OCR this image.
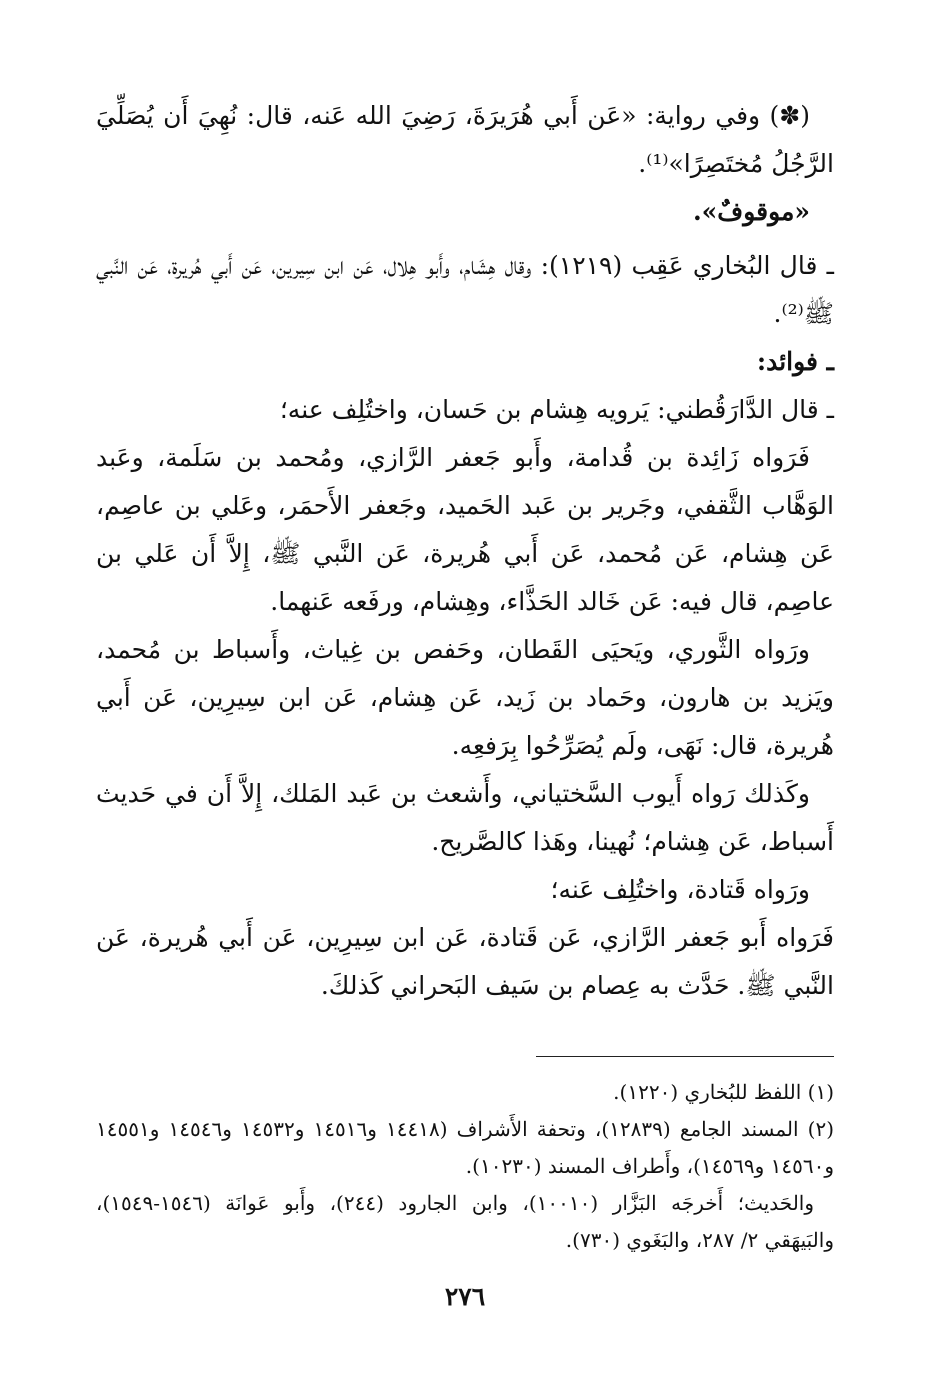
(✽) وفي رواية: «عَن أَبي هُرَيرَةَ، رَضِيَ الله عَنه، قال: نُهِيَ أَن يُصَلِّيَ الرَّجُلُ مُختَصِرًا»⁽¹⁾.

«موقوفٌ».

ـ قال البُخاري عَقِب (١٢١٩): وقال هِشَام، وأَبو هِلال، عَن ابن سِيرين، عَن أَبي هُريرة، عَن النَّبي ﷺ⁽²⁾.

ـ فوائد:

ـ قال الدَّارَقُطني: يَرويه هِشام بن حَسان، واختُلِف عنه؛

فَرَواه زَائِدة بن قُدامة، وأَبو جَعفر الرَّازي، ومُحمد بن سَلَمة، وعَبد الوَهَّاب الثَّقفي، وجَرير بن عَبد الحَميد، وجَعفر الأَحمَر، وعَلي بن عاصِم، عَن هِشام، عَن مُحمد، عَن أَبي هُريرة، عَن النَّبي ﷺ، إِلاَّ أَن عَلي بن عاصِم، قال فيه: عَن خَالد الحَذَّاء، وهِشام، ورفَعه عَنهما.

ورَواه الثَّوري، ويَحيَى القَطان، وحَفص بن غِياث، وأَسباط بن مُحمد، ويَزيد بن هارون، وحَماد بن زَيد، عَن هِشام، عَن ابن سِيرِين، عَن أَبي هُريرة، قال: نَهَى، ولَم يُصَرِّحُوا بِرَفعِه.

وكَذلك رَواه أَيوب السَّختياني، وأَشعث بن عَبد المَلك، إِلاَّ أَن في حَديث أَسباط، عَن هِشام؛ نُهينا، وهَذا كالصَّريح.

ورَواه قَتادة، واختُلِف عَنه؛

فَرَواه أَبو جَعفر الرَّازي، عَن قَتادة، عَن ابن سِيرِين، عَن أَبي هُريرة، عَن النَّبي ﷺ. حَدَّث به عِصام بن سَيف البَحراني كَذلكَ.

(١) اللفظ للبُخاري (١٢٢٠).

(٢) المسند الجامع (١٢٨٣٩)، وتحفة الأَشراف (١٤٤١٨ و١٤٥١٦ و١٤٥٣٢ و١٤٥٤٦ و١٤٥٥١ و١٤٥٦٠ و١٤٥٦٩)، وأَطراف المسند (١٠٢٣٠).

والحَديث؛ أَخرجَه البَزَّار (١٠٠١٠)، وابن الجارود (٢٤٤)، وأَبو عَوانَة (١٥٤٦-١٥٤٩)، والبَيهَقي ٢/ ٢٨٧، والبَغَوي (٧٣٠).

٢٧٦
